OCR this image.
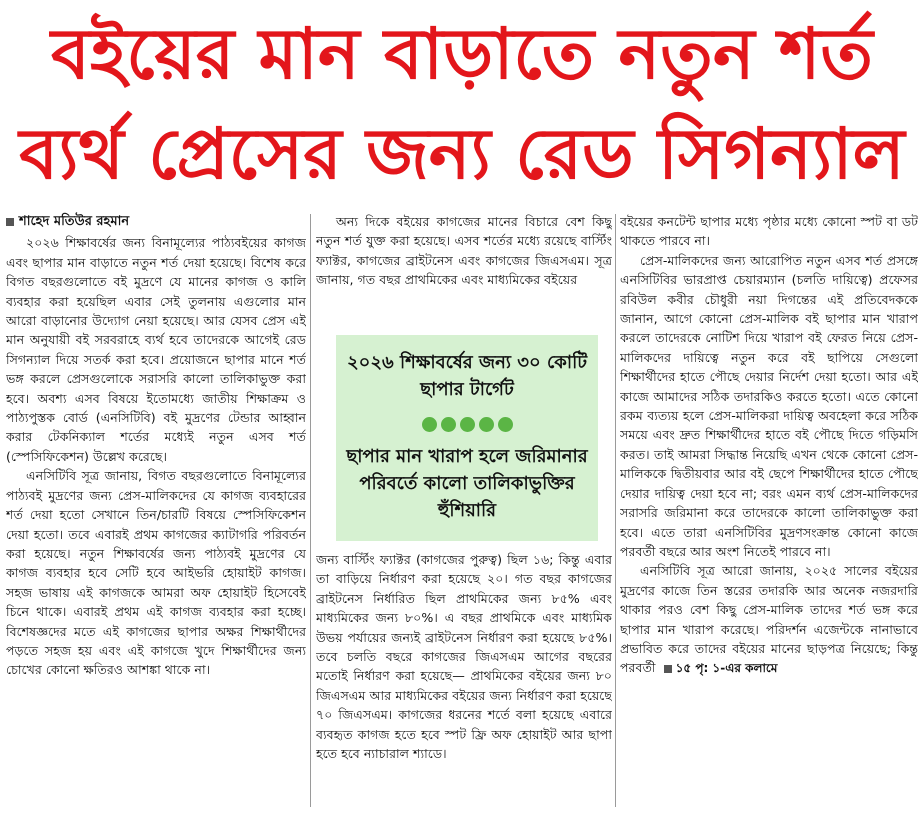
বইয়ের মান বাড়াতে নতুন শর্ত
ব্যর্থ প্রেসের জন্য রেড সিগন্যাল

শাহেদ মতিউর রহমান

২০২৬ শিক্ষাবর্ষের জন্য বিনামূল্যের পাঠ্যবইয়ের কাগজ এবং ছাপার মান বাড়াতে নতুন শর্ত দেয়া হয়েছে। বিশেষ করে বিগত বছরগুলোতে বই মুদ্রণে যে মানের কাগজ ও কালি ব্যবহার করা হয়েছিল এবার সেই তুলনায় এগুলোর মান আরো বাড়ানোর উদ্যোগ নেয়া হয়েছে। আর যেসব প্রেস এই মান অনুযায়ী বই সরবরাহে ব্যর্থ হবে তাদেরকে আগেই রেড সিগন্যাল দিয়ে সতর্ক করা হবে। প্রয়োজনে ছাপার মানে শর্ত ভঙ্গ করলে প্রেসগুলোকে সরাসরি কালো তালিকাভুক্ত করা হবে। অবশ্য এসব বিষয়ে ইতোমধ্যে জাতীয় শিক্ষাক্রম ও পাঠ্যপুস্তক বোর্ড (এনসিটিবি) বই মুদ্রণের টেন্ডার আহ্বান করার টেকনিক্যাল শর্তের মধ্যেই নতুন এসব শর্ত (স্পেসিফিকেশন) উল্লেখ করেছে।

এনসিটিবি সূত্র জানায়, বিগত বছরগুলোতে বিনামূল্যের পাঠ্যবই মুদ্রণের জন্য প্রেস-মালিকদের যে কাগজ ব্যবহারের শর্ত দেয়া হতো সেখানে তিন/চারটি বিষয়ে স্পেসিফিকেশন দেয়া হতো। তবে এবারই প্রথম কাগজের ক্যাটাগরি পরিবর্তন করা হয়েছে। নতুন শিক্ষাবর্ষের জন্য পাঠ্যবই মুদ্রণের যে কাগজ ব্যবহার হবে সেটি হবে আইভরি হোয়াইট কাগজ। সহজ ভাষায় এই কাগজকে আমরা অফ হোয়াইট হিসেবেই চিনে থাকে। এবারই প্রথম এই কাগজ ব্যবহার করা হচ্ছে। বিশেষজ্ঞদের মতে এই কাগজের ছাপার অক্ষর শিক্ষার্থীদের পড়তে সহজ হয় এবং এই কাগজে খুদে শিক্ষার্থীদের জন্য চোখের কোনো ক্ষতিরও আশঙ্কা থাকে না।

অন্য দিকে বইয়ের কাগজের মানের বিচারে বেশ কিছু নতুন শর্ত যুক্ত করা হয়েছে। এসব শর্তের মধ্যে রয়েছে বার্স্টিং ফ্যাক্টর, কাগজের ব্রাইটনেস এবং কাগজের জিএসএম। সূত্র জানায়, গত বছর প্রাথমিকের এবং মাধ্যমিকের বইয়ের

জন্য বার্স্টিং ফ্যাক্টর (কাগজের পুরুত্ব) ছিল ১৬; কিন্তু এবার তা বাড়িয়ে নির্ধারণ করা হয়েছে ২০। গত বছর কাগজের ব্রাইটনেস নির্ধারিত ছিল প্রাথমিকের জন্য ৮৫% এবং মাধ্যমিকের জন্য ৮০%। এ বছর প্রাথমিকে এবং মাধ্যমিক উভয় পর্যায়ের জন্যই ব্রাইটনেস নির্ধারণ করা হয়েছে ৮৫%। তবে চলতি বছরে কাগজের জিএসএম আগের বছরের মতোই নির্ধারণ করা হয়েছে— প্রাথমিকের বইয়ের জন্য ৮০ জিএসএম আর মাধ্যমিকের বইয়ের জন্য নির্ধারণ করা হয়েছে ৭০ জিএসএম। কাগজের ধরনের শর্তে বলা হয়েছে এবারে ব্যবহৃত কাগজ হতে হবে স্পট ফ্রি অফ হোয়াইট আর ছাপা হতে হবে ন্যাচারাল শ্যাডে।

২০২৬ শিক্ষাবর্ষের জন্য ৩০ কোটি ছাপার টার্গেট
ছাপার মান খারাপ হলে জরিমানার পরিবর্তে কালো তালিকাভুক্তির হুঁশিয়ারি

বইয়ের কনটেন্ট ছাপার মধ্যে পৃষ্ঠার মধ্যে কোনো স্পট বা ডট থাকতে পারবে না।

প্রেস-মালিকদের জন্য আরোপিত নতুন এসব শর্ত প্রসঙ্গে এনসিটিবির ভারপ্রাপ্ত চেয়ারম্যান (চলতি দায়িত্বে) প্রফেসর রবিউল কবীর চৌধুরী নয়া দিগন্তের এই প্রতিবেদককে জানান, আগে কোনো প্রেস-মালিক বই ছাপার মান খারাপ করলে তাদেরকে নোটিশ দিয়ে খারাপ বই ফেরত নিয়ে প্রেস-মালিকদের দায়িত্বে নতুন করে বই ছাপিয়ে সেগুলো শিক্ষার্থীদের হাতে পৌছে দেয়ার নির্দেশ দেয়া হতো। আর এই কাজে আমাদের সঠিক তদারকিও করতে হতো। এতে কোনো রকম ব্যত্যয় হলে প্রেস-মালিকরা দায়িত্ব অবহেলা করে সঠিক সময়ে এবং দ্রুত শিক্ষার্থীদের হাতে বই পৌছে দিতে গড়িমসি করত। তাই আমরা সিদ্ধান্ত নিয়েছি এখন থেকে কোনো প্রেস-মালিককে দ্বিতীয়বার আর বই ছেপে শিক্ষার্থীদের হাতে পৌছে দেয়ার দায়িত্ব দেয়া হবে না; বরং এমন ব্যর্থ প্রেস-মালিকদের সরাসরি জরিমানা করে তাদেরকে কালো তালিকাভুক্ত করা হবে। এতে তারা এনসিটিবির মুদ্রণসংক্রান্ত কোনো কাজে পরবর্তী বছরে আর অংশ নিতেই পারবে না।

এনসিটিবি সূত্র আরো জানায়, ২০২৫ সালের বইয়ের মুদ্রণের কাজে তিন স্তরের তদারকি আর অনেক নজরদারি থাকার পরও বেশ কিছু প্রেস-মালিক তাদের শর্ত ভঙ্গ করে ছাপার মান খারাপ করেছে। পরিদর্শন এজেন্টকে নানাভাবে প্রভাবিত করে তাদের বইয়ের মানের ছাড়পত্র নিয়েছে; কিন্তু পরবর্তী ১৫ পৃ: ১-এর কলামে
